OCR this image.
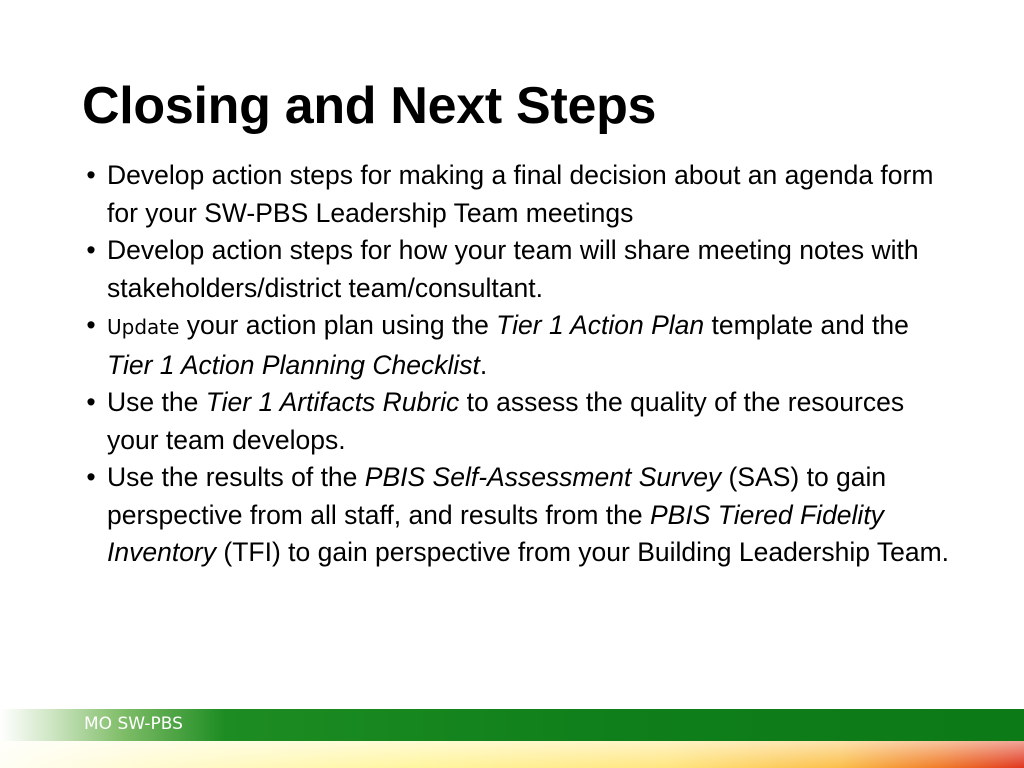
Closing and Next Steps
• Develop action steps for making a final decision about an agenda form for your SW-PBS Leadership Team meetings
• Develop action steps for how your team will share meeting notes with stakeholders/district team/consultant.
• Update your action plan using the Tier 1 Action Plan template and the Tier 1 Action Planning Checklist.
• Use the Tier 1 Artifacts Rubric to assess the quality of the resources your team develops.
• Use the results of the PBIS Self-Assessment Survey (SAS) to gain perspective from all staff, and results from the PBIS Tiered Fidelity Inventory (TFI) to gain perspective from your Building Leadership Team.
MO SW-PBS
